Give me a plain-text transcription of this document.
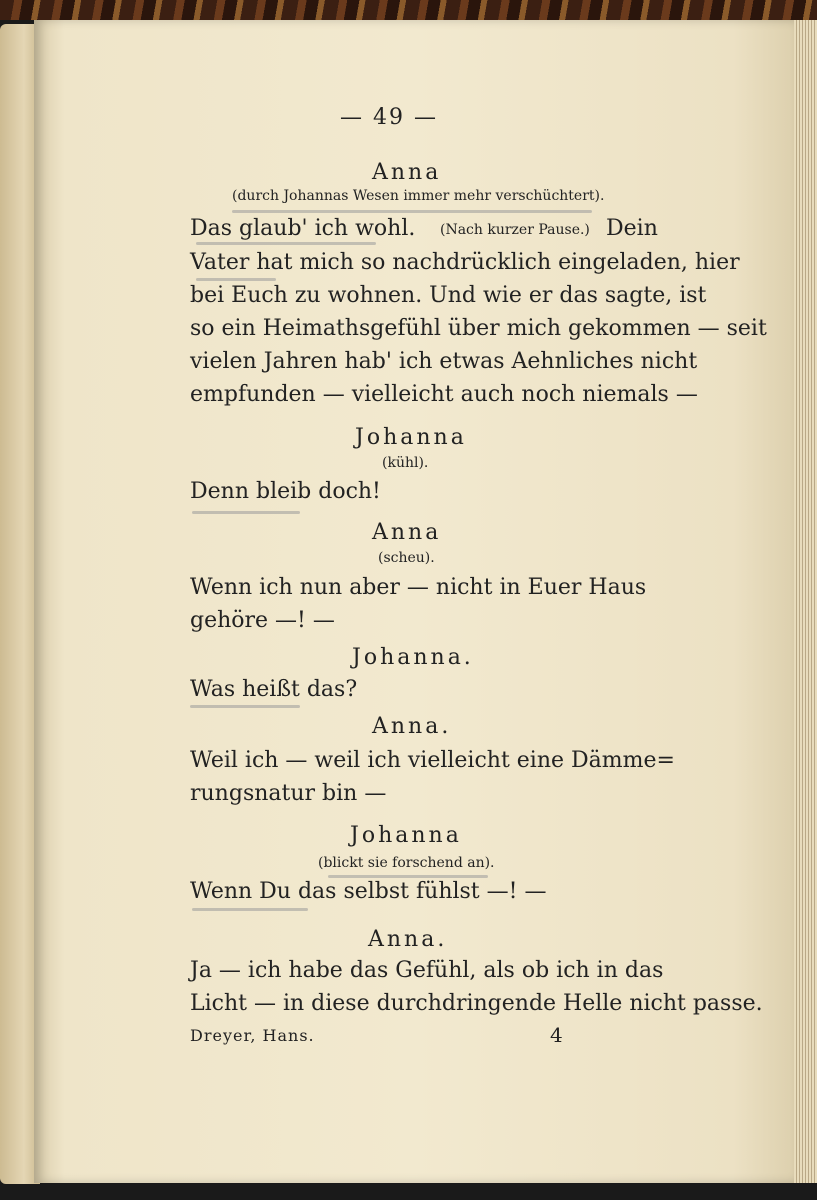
— 49 —
Anna
(durch Johannas Wesen immer mehr verschüchtert).
Das glaub' ich wohl. (Nach kurzer Pause.) Dein
Vater hat mich so nachdrücklich eingeladen, hier
bei Euch zu wohnen. Und wie er das sagte, ist
so ein Heimathsgefühl über mich gekommen — seit
vielen Jahren hab' ich etwas Aehnliches nicht
empfunden — vielleicht auch noch niemals —
Johanna
(kühl).
Denn bleib doch!
Anna
(scheu).
Wenn ich nun aber — nicht in Euer Haus
gehöre —! —
Johanna.
Was heißt das?
Anna.
Weil ich — weil ich vielleicht eine Dämme=
rungsnatur bin —
Johanna
(blickt sie forschend an).
Wenn Du das selbst fühlst —! —
Anna.
Ja — ich habe das Gefühl, als ob ich in das
Licht — in diese durchdringende Helle nicht passe.
Dreyer, Hans.	4
